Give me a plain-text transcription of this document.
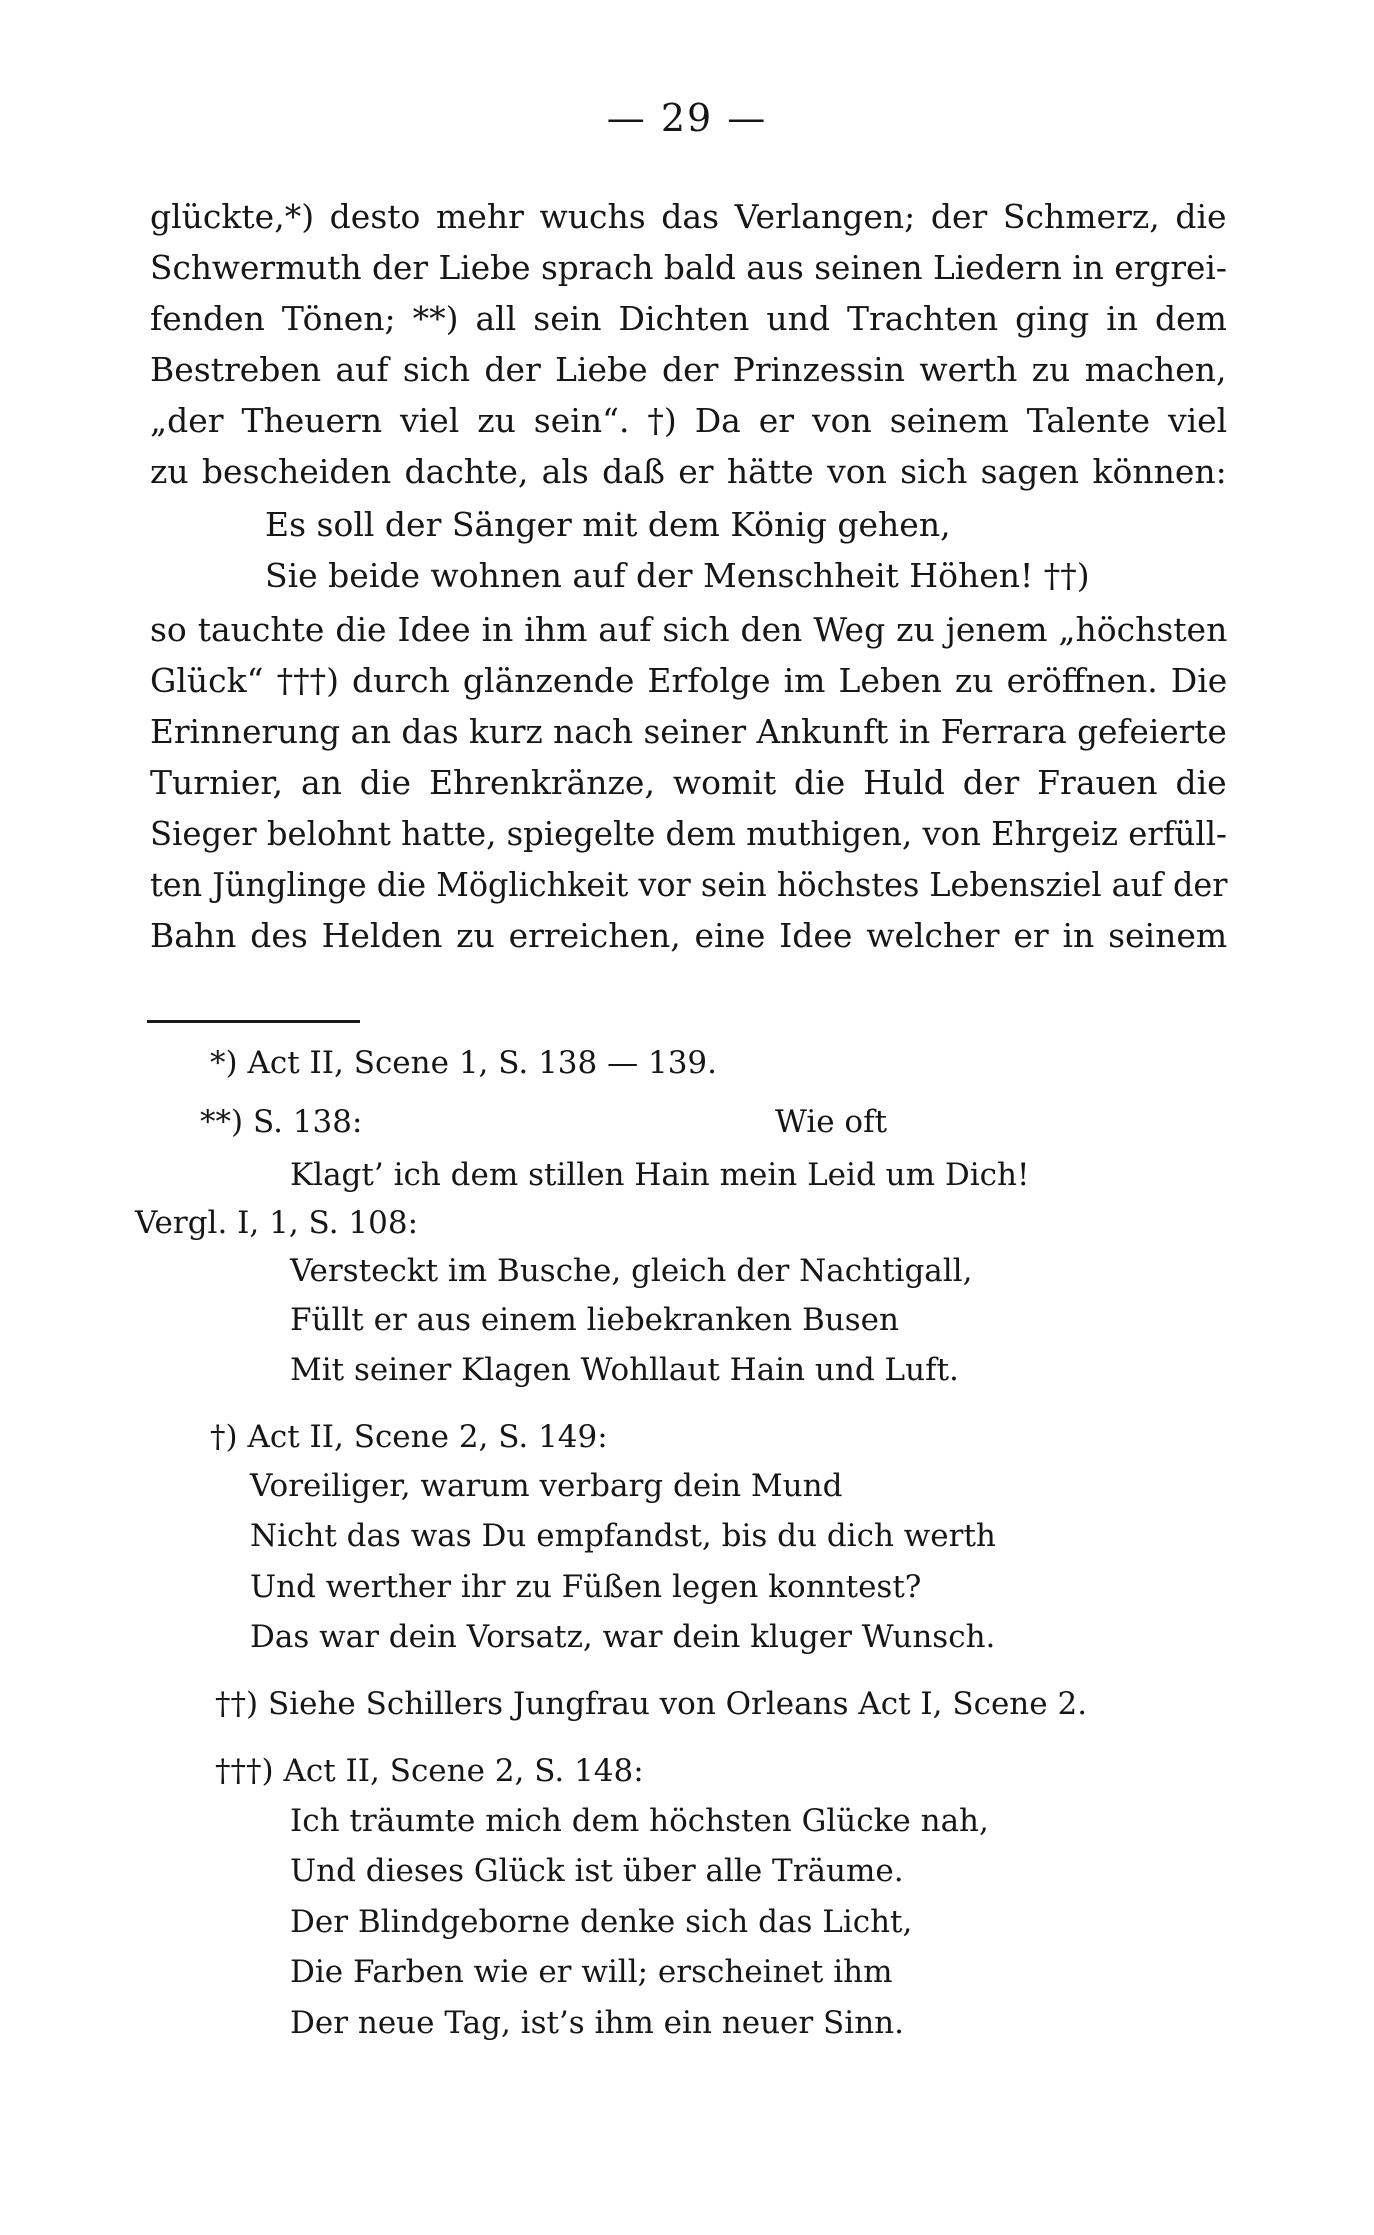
— 29 —
glückte,*) desto mehr wuchs das Verlangen; der Schmerz, die
Schwermuth der Liebe sprach bald aus seinen Liedern in ergrei-
fenden Tönen; **) all sein Dichten und Trachten ging in dem
Bestreben auf sich der Liebe der Prinzessin werth zu machen,
„der Theuern viel zu sein“. †) Da er von seinem Talente viel
zu bescheiden dachte, als daß er hätte von sich sagen können:
Es soll der Sänger mit dem König gehen,
Sie beide wohnen auf der Menschheit Höhen! ††)
so tauchte die Idee in ihm auf sich den Weg zu jenem „höchsten
Glück“ †††) durch glänzende Erfolge im Leben zu eröffnen. Die
Erinnerung an das kurz nach seiner Ankunft in Ferrara gefeierte
Turnier, an die Ehrenkränze, womit die Huld der Frauen die
Sieger belohnt hatte, spiegelte dem muthigen, von Ehrgeiz erfüll-
ten Jünglinge die Möglichkeit vor sein höchstes Lebensziel auf der
Bahn des Helden zu erreichen, eine Idee welcher er in seinem
*) Act II, Scene 1, S. 138 — 139.
**) S. 138:	Wie oft
Klagt’ ich dem stillen Hain mein Leid um Dich!
Vergl. I, 1, S. 108:
Versteckt im Busche, gleich der Nachtigall,
Füllt er aus einem liebekranken Busen
Mit seiner Klagen Wohllaut Hain und Luft.
†) Act II, Scene 2, S. 149:
Voreiliger, warum verbarg dein Mund
Nicht das was Du empfandst, bis du dich werth
Und werther ihr zu Füßen legen konntest?
Das war dein Vorsatz, war dein kluger Wunsch.
††) Siehe Schillers Jungfrau von Orleans Act I, Scene 2.
†††) Act II, Scene 2, S. 148:
Ich träumte mich dem höchsten Glücke nah,
Und dieses Glück ist über alle Träume.
Der Blindgeborne denke sich das Licht,
Die Farben wie er will; erscheinet ihm
Der neue Tag, ist’s ihm ein neuer Sinn.
